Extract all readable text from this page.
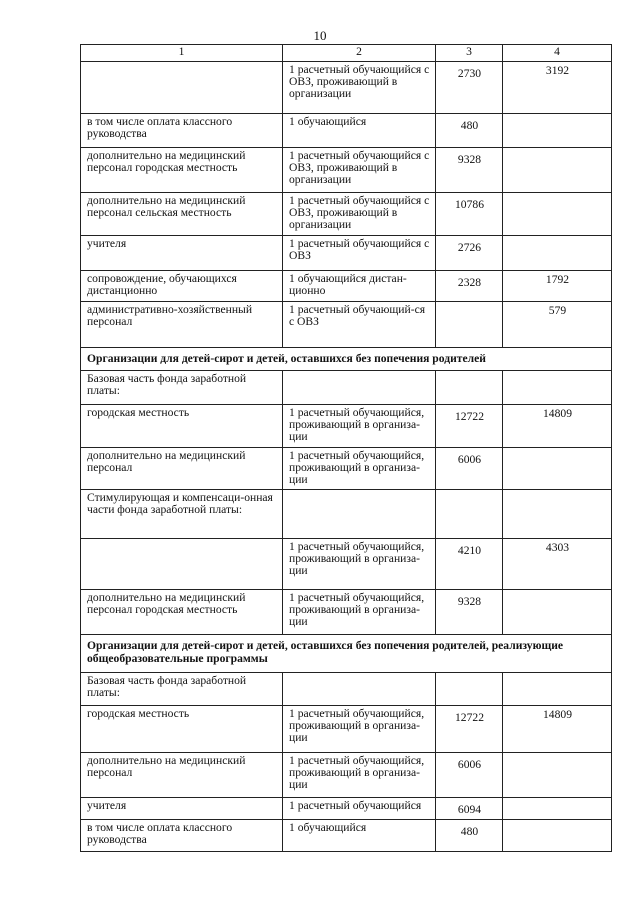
10
1	2	3	4
	1 расчетный обучающийся с ОВЗ, проживающий в организации	2730	3192
в том числе оплата классного руководства	1 обучающийся	480	
дополнительно на медицинский персонал городская местность	1 расчетный обучающийся с ОВЗ, проживающий в организации	9328	
дополнительно на медицинский персонал сельская местность	1 расчетный обучающийся с ОВЗ, проживающий в организации	10786	
учителя	1 расчетный обучающийся с ОВЗ	2726	
сопровождение, обучающихся дистанционно	1 обучающийся дистан-ционно	2328	1792
административно-хозяйственный персонал	1 расчетный обучающий-ся с ОВЗ		579
Организации для детей-сирот и детей, оставшихся без попечения родителей			
Базовая часть фонда заработной платы:			
городская местность	1 расчетный обучающийся, проживающий в организа-ции	12722	14809
дополнительно на медицинский персонал	1 расчетный обучающийся, проживающий в организа-ции	6006	
Стимулирующая и компенсаци-онная части фонда заработной платы:			
	1 расчетный обучающийся, проживающий в организа-ции	4210	4303
дополнительно на медицинский персонал городская местность	1 расчетный обучающийся, проживающий в организа-ции	9328	
Организации для детей-сирот и детей, оставшихся без попечения родителей, реализующие общеобразовательные программы			
Базовая часть фонда заработной платы:			
городская местность	1 расчетный обучающийся, проживающий в организа-ции	12722	14809
дополнительно на медицинский персонал	1 расчетный обучающийся, проживающий в организа-ции	6006	
учителя	1 расчетный обучающийся	6094	
в том числе оплата классного руководства	1 обучающийся	480	
